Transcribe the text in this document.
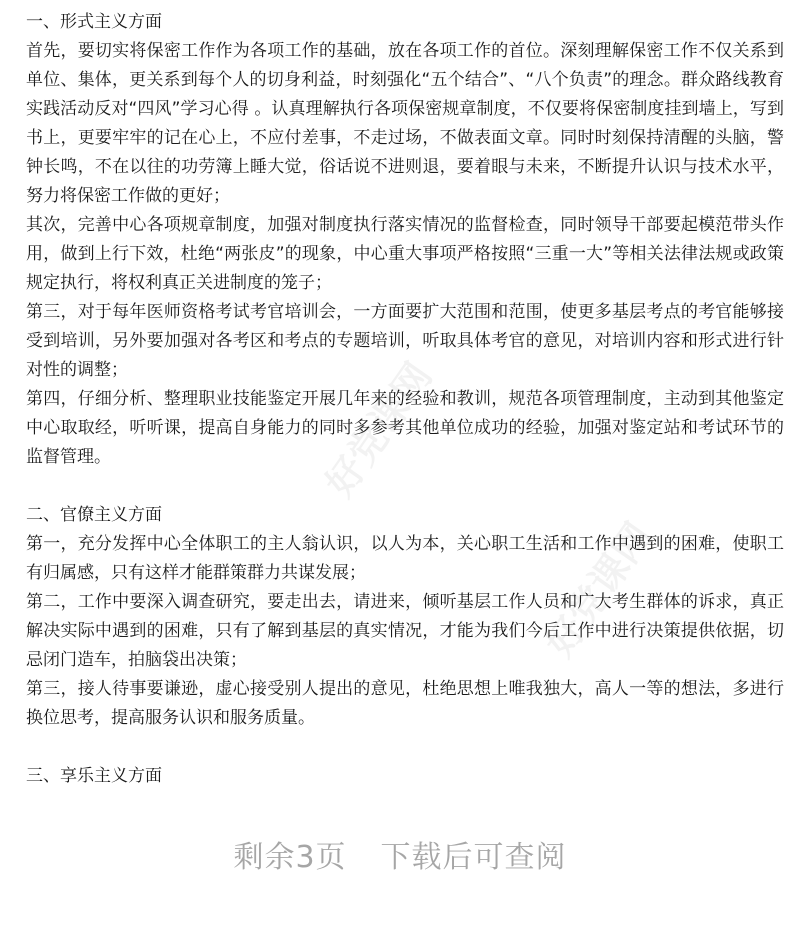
好党课网
好党课网

一、形式主义方面

首先，要切实将保密工作作为各项工作的基础，放在各项工作的首位。深刻理解保密工作不仅关系到单位、集体，更关系到每个人的切身利益，时刻强化“五个结合”、“八个负责”的理念。群众路线教育实践活动反对“四风”学习心得 。认真理解执行各项保密规章制度，不仅要将保密制度挂到墙上，写到书上，更要牢牢的记在心上，不应付差事，不走过场，不做表面文章。同时时刻保持清醒的头脑，警钟长鸣，不在以往的功劳簿上睡大觉，俗话说不进则退，要着眼与未来，不断提升认识与技术水平，努力将保密工作做的更好；

其次，完善中心各项规章制度，加强对制度执行落实情况的监督检查，同时领导干部要起模范带头作用，做到上行下效，杜绝“两张皮”的现象，中心重大事项严格按照“三重一大”等相关法律法规或政策规定执行，将权利真正关进制度的笼子；

第三，对于每年医师资格考试考官培训会，一方面要扩大范围和范围，使更多基层考点的考官能够接受到培训，另外要加强对各考区和考点的专题培训，听取具体考官的意见，对培训内容和形式进行针对性的调整；

第四，仔细分析、整理职业技能鉴定开展几年来的经验和教训，规范各项管理制度，主动到其他鉴定中心取取经，听听课，提高自身能力的同时多参考其他单位成功的经验，加强对鉴定站和考试环节的监督管理。

二、官僚主义方面

第一，充分发挥中心全体职工的主人翁认识，以人为本，关心职工生活和工作中遇到的困难，使职工有归属感，只有这样才能群策群力共谋发展；

第二，工作中要深入调查研究，要走出去，请进来，倾听基层工作人员和广大考生群体的诉求，真正解决实际中遇到的困难，只有了解到基层的真实情况，才能为我们今后工作中进行决策提供依据，切忌闭门造车，拍脑袋出决策；

第三，接人待事要谦逊，虚心接受别人提出的意见，杜绝思想上唯我独大，高人一等的想法，多进行换位思考，提高服务认识和服务质量。

三、享乐主义方面

剩余3页 下载后可查阅
